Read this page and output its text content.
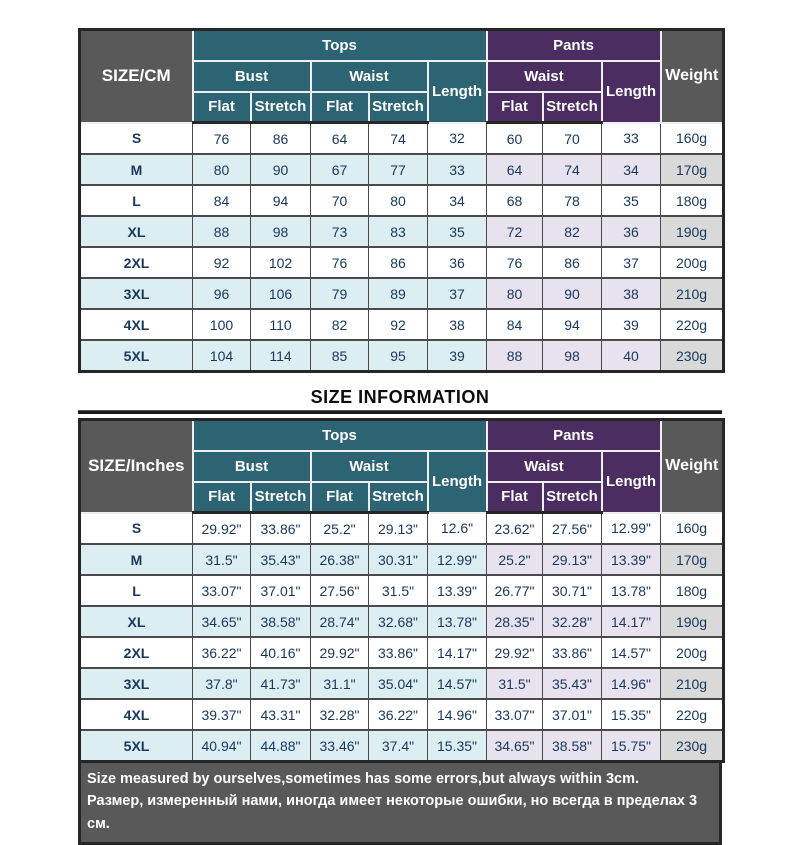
SIZE/CM	Tops					Pants			Weight
	Bust		Waist		Length	Waist		Length	
	Flat	Stretch	Flat	Stretch		Flat	Stretch		
S	76	86	64	74	32	60	70	33	160g
M	80	90	67	77	33	64	74	34	170g
L	84	94	70	80	34	68	78	35	180g
XL	88	98	73	83	35	72	82	36	190g
2XL	92	102	76	86	36	76	86	37	200g
3XL	96	106	79	89	37	80	90	38	210g
4XL	100	110	82	92	38	84	94	39	220g
5XL	104	114	85	95	39	88	98	40	230g
SIZE INFORMATION
SIZE/Inches	Tops					Pants			Weight
	Bust		Waist		Length	Waist		Length	
	Flat	Stretch	Flat	Stretch		Flat	Stretch		
S	29.92"	33.86"	25.2"	29.13"	12.6"	23.62"	27.56"	12.99"	160g
M	31.5"	35.43"	26.38"	30.31"	12.99"	25.2"	29.13"	13.39"	170g
L	33.07"	37.01"	27.56"	31.5"	13.39"	26.77"	30.71"	13.78"	180g
XL	34.65"	38.58"	28.74"	32.68"	13.78"	28.35"	32.28"	14.17"	190g
2XL	36.22"	40.16"	29.92"	33.86"	14.17"	29.92"	33.86"	14.57"	200g
3XL	37.8"	41.73"	31.1"	35.04"	14.57"	31.5"	35.43"	14.96"	210g
4XL	39.37"	43.31"	32.28"	36.22"	14.96"	33.07"	37.01"	15.35"	220g
5XL	40.94"	44.88"	33.46"	37.4"	15.35"	34.65"	38.58"	15.75"	230g
Size measured by ourselves,sometimes has some errors,but always within 3cm.
Размер, измеренный нами, иногда имеет некоторые ошибки, но всегда в пределах 3 см.
